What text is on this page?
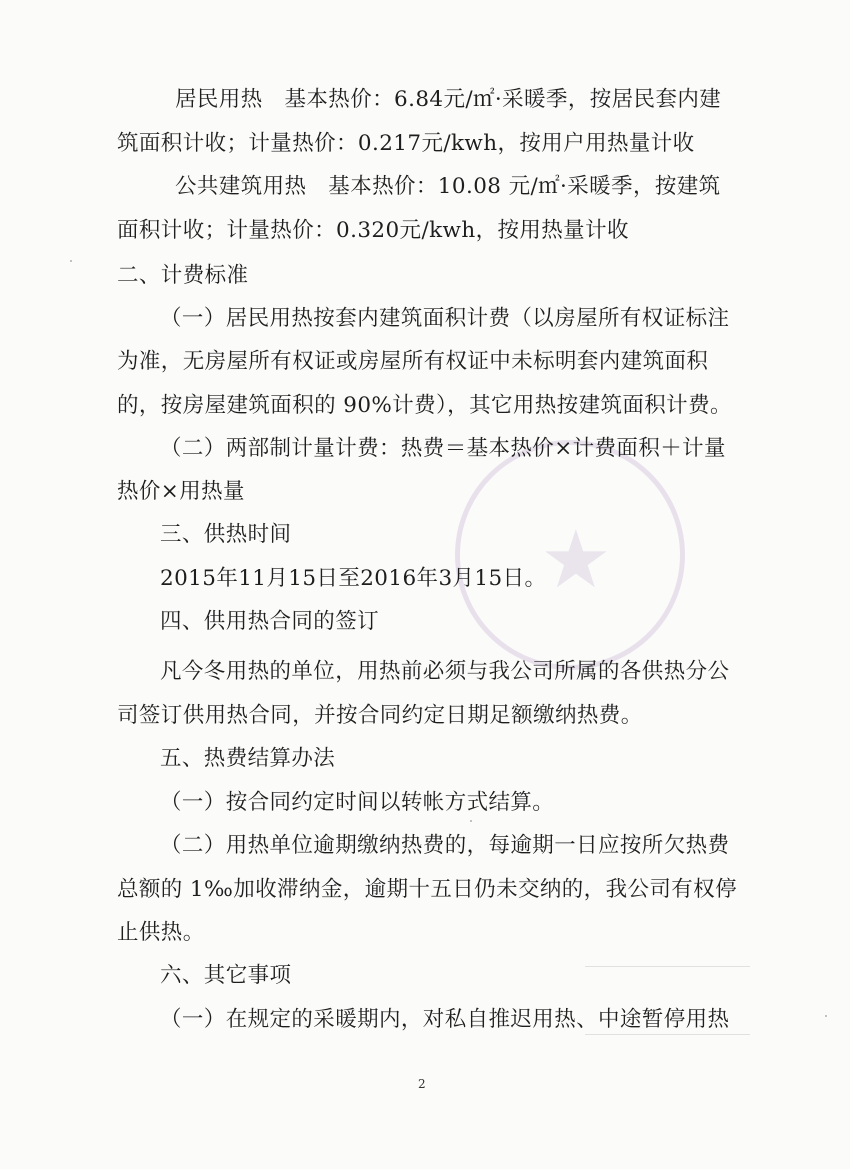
★
居民用热　基本热价：6.84元/㎡·采暖季，按居民套内建
筑面积计收；计量热价：0.217元/kwh，按用户用热量计收
公共建筑用热　基本热价：10.08 元/㎡·采暖季，按建筑
面积计收；计量热价：0.320元/kwh，按用热量计收
二、计费标准
（一）居民用热按套内建筑面积计费（以房屋所有权证标注
为准，无房屋所有权证或房屋所有权证中未标明套内建筑面积
的，按房屋建筑面积的 90%计费），其它用热按建筑面积计费。
（二）两部制计量计费：热费＝基本热价×计费面积＋计量
热价×用热量
三、供热时间
2015年11月15日至2016年3月15日。
四、供用热合同的签订
凡今冬用热的单位，用热前必须与我公司所属的各供热分公
司签订供用热合同，并按合同约定日期足额缴纳热费。
五、热费结算办法
（一）按合同约定时间以转帐方式结算。
（二）用热单位逾期缴纳热费的，每逾期一日应按所欠热费
总额的 1‰加收滞纳金，逾期十五日仍未交纳的，我公司有权停
止供热。
六、其它事项
（一）在规定的采暖期内，对私自推迟用热、中途暂停用热
2
